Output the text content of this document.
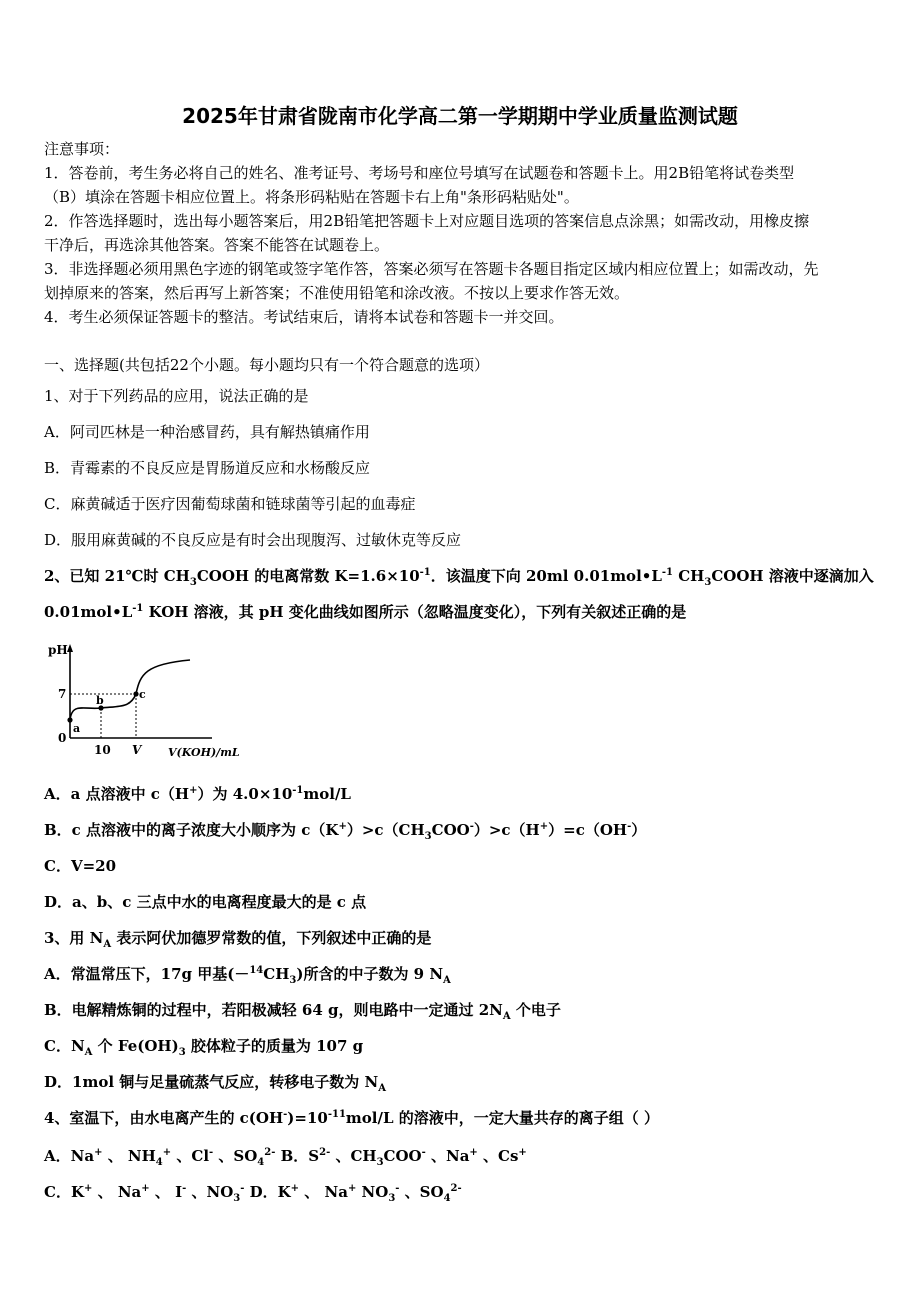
2025年甘肃省陇南市化学高二第一学期期中学业质量监测试题
注意事项：
1．答卷前，考生务必将自己的姓名、准考证号、考场号和座位号填写在试题卷和答题卡上。用2B铅笔将试卷类型
（B）填涂在答题卡相应位置上。将条形码粘贴在答题卡右上角"条形码粘贴处"。
2．作答选择题时，选出每小题答案后，用2B铅笔把答题卡上对应题目选项的答案信息点涂黑；如需改动，用橡皮擦
干净后，再选涂其他答案。答案不能答在试题卷上。
3．非选择题必须用黑色字迹的钢笔或签字笔作答，答案必须写在答题卡各题目指定区域内相应位置上；如需改动，先
划掉原来的答案，然后再写上新答案；不准使用铅笔和涂改液。不按以上要求作答无效。
4．考生必须保证答题卡的整洁。考试结束后，请将本试卷和答题卡一并交回。
一、选择题(共包括22个小题。每小题均只有一个符合题意的选项）
1、对于下列药品的应用，说法正确的是
A．阿司匹林是一种治感冒药，具有解热镇痛作用
B．青霉素的不良反应是胃肠道反应和水杨酸反应
C．麻黄碱适于医疗因葡萄球菌和链球菌等引起的血毒症
D．服用麻黄碱的不良反应是有时会出现腹泻、过敏休克等反应
2、已知 21℃时 $CH_3COOH$ 的电离常数 $K=1.6\times 10^{-1}$．该温度下向 20ml $0.01mol•L^{-1}$ $CH_3COOH$ 溶液中逐滴加入
$0.01mol•L^{-1}$ KOH 溶液，其 pH 变化曲线如图所示（忽略温度变化），下列有关叙述正确的是
pH
7
0
10 V V(KOH)/mL
a
b	c
A．a 点溶液中 c（H+）为 $4.0\times 10^{-1}mol/L$
B．c 点溶液中的离子浓度大小顺序为 $c(K^+)>c(CH_3COO^-)>c(H^+)=c(OH^-)$
C．V=20
D．a、b、c 三点中水的电离程度最大的是 c 点
3、用 $N_A$ 表示阿伏加德罗常数的值，下列叙述中正确的是
A．常温常压下，17g 甲基$(-^{14}CH_3)$所含的中子数为 9 $N_A$
B．电解精炼铜的过程中，若阳极减轻 64 g，则电路中一定通过 $2N_A$ 个电子
C．$N_A$ 个 $Fe(OH)_3$ 胶体粒子的质量为 107 g
D．1mol 铜与足量硫蒸气反应，转移电子数为 $N_A$
4、室温下，由水电离产生的 $c(OH^-)=10^{-11}mol/L$ 的溶液中，一定大量共存的离子组（ ）
A．Na+ 、 $NH_4^+$ 、Cl- 、$SO_4^{2-}$ B．$S^{2-}$ 、$CH_3COO^-$ 、Na+ 、Cs+
C．K+ 、 Na+ 、 I- 、$NO_3^-$ D．K+ 、 Na+ $NO_3^-$ 、$SO_4^{2-}$
